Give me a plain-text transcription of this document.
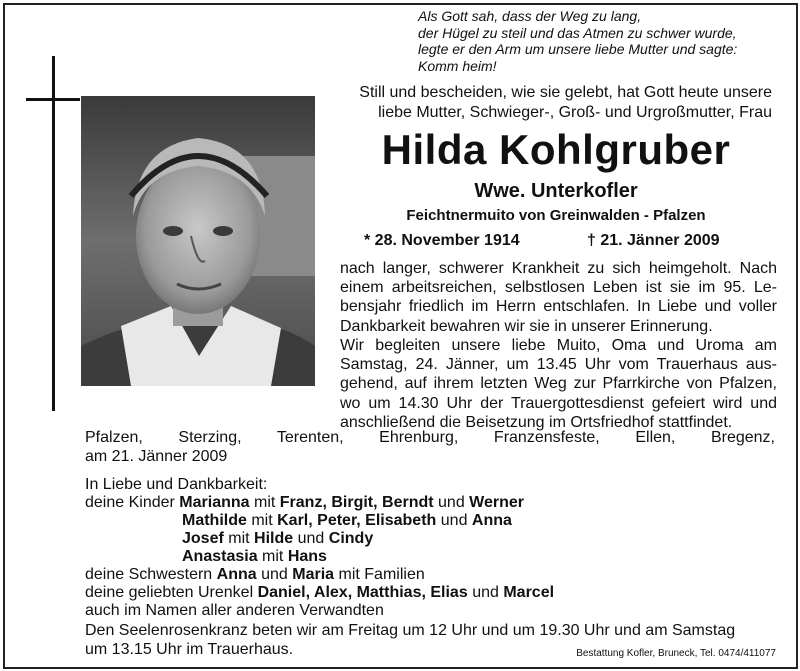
Als Gott sah, dass der Weg zu lang,
der Hügel zu steil und das Atmen zu schwer wurde,
legte er den Arm um unsere liebe Mutter und sagte:
Komm heim!
Still und bescheiden, wie sie gelebt, hat Gott heute unsere
liebe Mutter, Schwieger-, Groß- und Urgroßmutter, Frau
Hilda Kohlgruber
Wwe. Unterkofler
Feichtnermuito von Greinwalden - Pfalzen
* 28. November 1914	† 21. Jänner 2009
nach langer, schwerer Krankheit zu sich heimgeholt. Nach
einem arbeitsreichen, selbstlosen Leben ist sie im 95. Le-
bensjahr friedlich im Herrn entschlafen. In Liebe und voller
Dankbarkeit bewahren wir sie in unserer Erinnerung.
Wir begleiten unsere liebe Muito, Oma und Uroma am
Samstag, 24. Jänner, um 13.45 Uhr vom Trauerhaus aus-
gehend, auf ihrem letzten Weg zur Pfarrkirche von Pfalzen,
wo um 14.30 Uhr der Trauergottesdienst gefeiert wird und
anschließend die Beisetzung im Ortsfriedhof stattfindet.
Pfalzen, Sterzing, Terenten, Ehrenburg, Franzensfeste, Ellen, Bregenz,
am 21. Jänner 2009
In Liebe und Dankbarkeit:
deine Kinder Marianna mit Franz, Birgit, Berndt und Werner
Mathilde mit Karl, Peter, Elisabeth und Anna
Josef mit Hilde und Cindy
Anastasia mit Hans
deine Schwestern Anna und Maria mit Familien
deine geliebten Urenkel Daniel, Alex, Matthias, Elias und Marcel
auch im Namen aller anderen Verwandten
Den Seelenrosenkranz beten wir am Freitag um 12 Uhr und um 19.30 Uhr und am Samstag
um 13.15 Uhr im Trauerhaus.	Bestattung Kofler, Bruneck, Tel. 0474/411077
